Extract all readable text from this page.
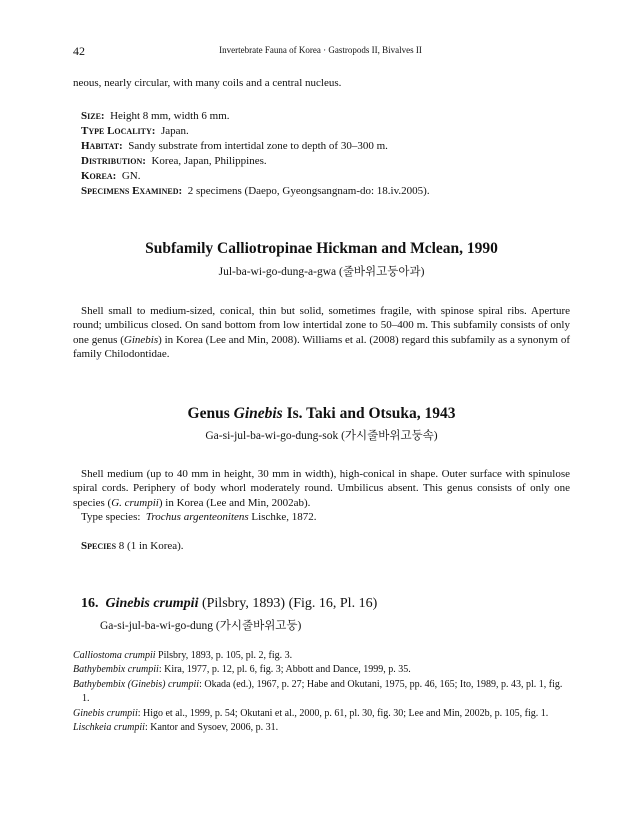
42	Invertebrate Fauna of Korea · Gastropods II, Bivalves II
neous, nearly circular, with many coils and a central nucleus.
Size: Height 8 mm, width 6 mm.
Type Locality: Japan.
Habitat: Sandy substrate from intertidal zone to depth of 30–300 m.
Distribution: Korea, Japan, Philippines.
Korea: GN.
Specimens Examined: 2 specimens (Daepo, Gyeongsangnam-do: 18.iv.2005).
Subfamily Calliotropinae Hickman and Mclean, 1990
Jul-ba-wi-go-dung-a-gwa (줄바위고둥아과)
Shell small to medium-sized, conical, thin but solid, sometimes fragile, with spinose spiral ribs. Aperture round; umbilicus closed. On sand bottom from low intertidal zone to 50–400 m. This subfamily consists of only one genus (Ginebis) in Korea (Lee and Min, 2008). Williams et al. (2008) regard this subfamily as a synonym of family Chilodontidae.
Genus Ginebis Is. Taki and Otsuka, 1943
Ga-si-jul-ba-wi-go-dung-sok (가시줄바위고둥속)
Shell medium (up to 40 mm in height, 30 mm in width), high-conical in shape. Outer surface with spinulose spiral cords. Periphery of body whorl moderately round. Umbilicus absent. This genus consists of only one species (G. crumpii) in Korea (Lee and Min, 2002ab).
Type species: Trochus argenteonitens Lischke, 1872.
Species 8 (1 in Korea).
16. Ginebis crumpii (Pilsbry, 1893) (Fig. 16, Pl. 16)
Ga-si-jul-ba-wi-go-dung (가시줄바위고둥)
Calliostoma crumpii Pilsbry, 1893, p. 105, pl. 2, fig. 3.
Bathybembix crumpii: Kira, 1977, p. 12, pl. 6, fig. 3; Abbott and Dance, 1999, p. 35.
Bathybembix (Ginebis) crumpii: Okada (ed.), 1967, p. 27; Habe and Okutani, 1975, pp. 46, 165; Ito, 1989, p. 43, pl. 1, fig. 1.
Ginebis crumpii: Higo et al., 1999, p. 54; Okutani et al., 2000, p. 61, pl. 30, fig. 30; Lee and Min, 2002b, p. 105, fig. 1.
Lischkeia crumpii: Kantor and Sysoev, 2006, p. 31.
